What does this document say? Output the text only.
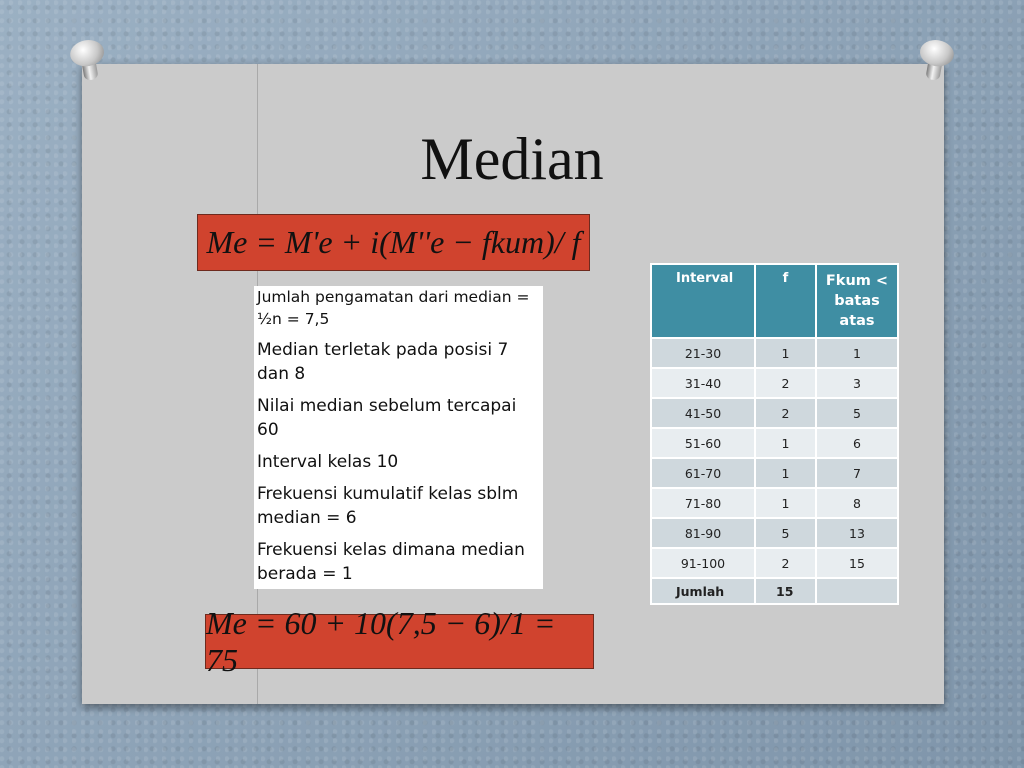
Median
Me = M'e + i(M''e − fkum)/ f

Jumlah pengamatan dari median = ½n = 7,5

Median terletak pada posisi 7 dan 8

Nilai median sebelum tercapai 60

Interval kelas 10

Frekuensi kumulatif kelas sblm median = 6

Frekuensi kelas dimana median berada = 1

Interval	f	Fkum < batas atas
21-30	1	1
31-40	2	3
41-50	2	5
51-60	1	6
61-70	1	7
71-80	1	8
81-90	5	13
91-100	2	15
Jumlah	15	
Me = 60 + 10(7,5 − 6)/1 = 75
